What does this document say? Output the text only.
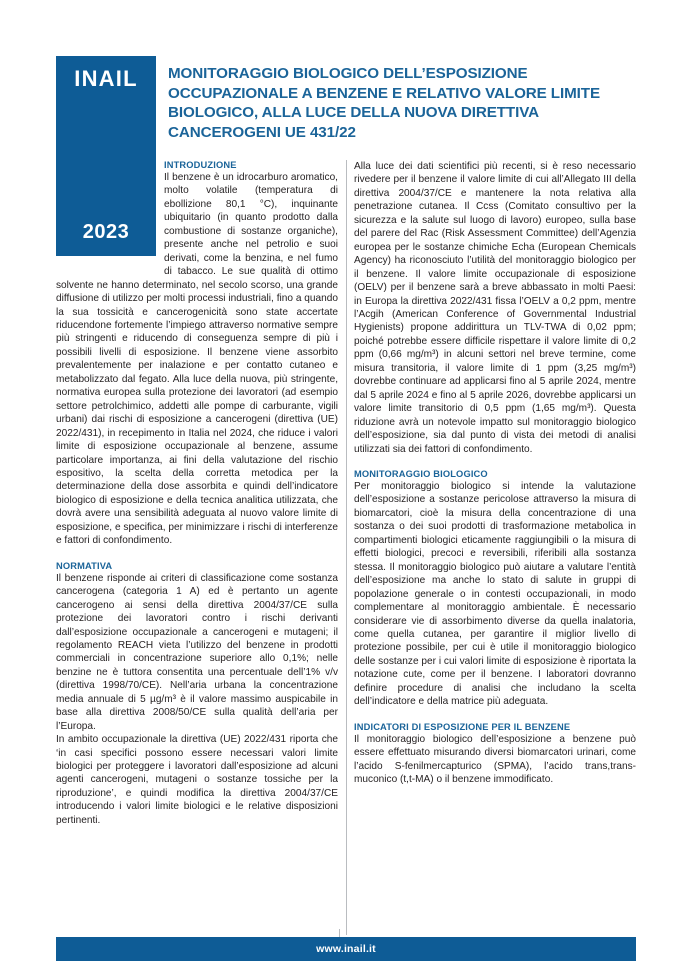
INAIL
2023
MONITORAGGIO BIOLOGICO DELL’ESPOSIZIONE OCCUPAZIONALE A BENZENE E RELATIVO VALORE LIMITE BIOLOGICO, ALLA LUCE DELLA NUOVA DIRETTIVA CANCEROGENI UE 431/22
INTRODUZIONE

Il benzene è un idrocarburo aromatico, molto volatile (temperatura di ebollizione 80,1 °C), inquinante ubiquitario (in quanto prodotto dalla combustione di sostanze organiche), presente anche nel petrolio e suoi derivati, come la benzina, e nel fumo di tabacco. Le sue qualità di ottimo solvente ne hanno determinato, nel secolo scorso, una grande diffusione di utilizzo per molti processi industriali, fino a quando la sua tossicità e cancerogenicità sono state accertate riducendone fortemente l’impiego attraverso normative sempre più stringenti e riducendo di conseguenza sempre di più i possibili livelli di esposizione. Il benzene viene assorbito prevalentemente per inalazione e per contatto cutaneo e metabolizzato dal fegato. Alla luce della nuova, più stringente, normativa europea sulla protezione dei lavoratori (ad esempio settore petrolchimico, addetti alle pompe di carburante, vigili urbani) dai rischi di esposizione a cancerogeni (direttiva (UE) 2022/431), in recepimento in Italia nel 2024, che riduce i valori limite di esposizione occupazionale al benzene, assume particolare importanza, ai fini della valutazione del rischio espositivo, la scelta della corretta metodica per la determinazione della dose assorbita e quindi dell’indicatore biologico di esposizione e della tecnica analitica utilizzata, che dovrà avere una sensibilità adeguata al nuovo valore limite di esposizione, e specifica, per minimizzare i rischi di interferenze e fattori di confondimento.

NORMATIVA

Il benzene risponde ai criteri di classificazione come sostanza cancerogena (categoria 1 A) ed è pertanto un agente cancerogeno ai sensi della direttiva 2004/37/CE sulla protezione dei lavoratori contro i rischi derivanti dall’esposizione occupazionale a cancerogeni e mutageni; il regolamento REACH vieta l’utilizzo del benzene in prodotti commerciali in concentrazione superiore allo 0,1%; nelle benzine ne è tuttora consentita una percentuale dell’1% v/v (direttiva 1998/70/CE). Nell’aria urbana la concentrazione media annuale di 5 µg/m³ è il valore massimo auspicabile in base alla direttiva 2008/50/CE sulla qualità dell’aria per l’Europa.

In ambito occupazionale la direttiva (UE) 2022/431 riporta che ‘in casi specifici possono essere necessari valori limite biologici per proteggere i lavoratori dall’esposizione ad alcuni agenti cancerogeni, mutageni o sostanze tossiche per la riproduzione’, e quindi modifica la direttiva 2004/37/CE introducendo i valori limite biologici e le relative disposizioni pertinenti.

Alla luce dei dati scientifici più recenti, si è reso necessario rivedere per il benzene il valore limite di cui all’Allegato III della direttiva 2004/37/CE e mantenere la nota relativa alla penetrazione cutanea. Il Ccss (Comitato consultivo per la sicurezza e la salute sul luogo di lavoro) europeo, sulla base del parere del Rac (Risk Assessment Committee) dell’Agenzia europea per le sostanze chimiche Echa (European Chemicals Agency) ha riconosciuto l’utilità del monitoraggio biologico per il benzene. Il valore limite occupazionale di esposizione (OELV) per il benzene sarà a breve abbassato in molti Paesi: in Europa la direttiva 2022/431 fissa l’OELV a 0,2 ppm, mentre l’Acgih (American Conference of Governmental Industrial Hygienists) propone addirittura un TLV-TWA di 0,02 ppm; poiché potrebbe essere difficile rispettare il valore limite di 0,2 ppm (0,66 mg/m³) in alcuni settori nel breve termine, come misura transitoria, il valore limite di 1 ppm (3,25 mg/m³) dovrebbe continuare ad applicarsi fino al 5 aprile 2024, mentre dal 5 aprile 2024 e fino al 5 aprile 2026, dovrebbe applicarsi un valore limite transitorio di 0,5 ppm (1,65 mg/m³). Questa riduzione avrà un notevole impatto sul monitoraggio biologico dell’esposizione, sia dal punto di vista dei metodi di analisi utilizzati sia dei fattori di confondimento.

MONITORAGGIO BIOLOGICO

Per monitoraggio biologico si intende la valutazione dell’esposizione a sostanze pericolose attraverso la misura di biomarcatori, cioè la misura della concentrazione di una sostanza o dei suoi prodotti di trasformazione metabolica in compartimenti biologici eticamente raggiungibili o la misura di effetti biologici, precoci e reversibili, riferibili alla sostanza stessa. Il monitoraggio biologico può aiutare a valutare l’entità dell’esposizione ma anche lo stato di salute in gruppi di popolazione generale o in contesti occupazionali, in modo complementare al monitoraggio ambientale. È necessario considerare vie di assorbimento diverse da quella inalatoria, come quella cutanea, per garantire il miglior livello di protezione possibile, per cui è utile il monitoraggio biologico delle sostanze per i cui valori limite di esposizione è riportata la notazione cute, come per il benzene. I laboratori dovranno definire procedure di analisi che includano la scelta dell’indicatore e della matrice più adeguata.

INDICATORI DI ESPOSIZIONE PER IL BENZENE

Il monitoraggio biologico dell’esposizione a benzene può essere effettuato misurando diversi biomarcatori urinari, come l’acido S-fenilmercapturico (SPMA), l’acido trans,trans-muconico (t,t-MA) o il benzene immodificato.

www.inail.it
